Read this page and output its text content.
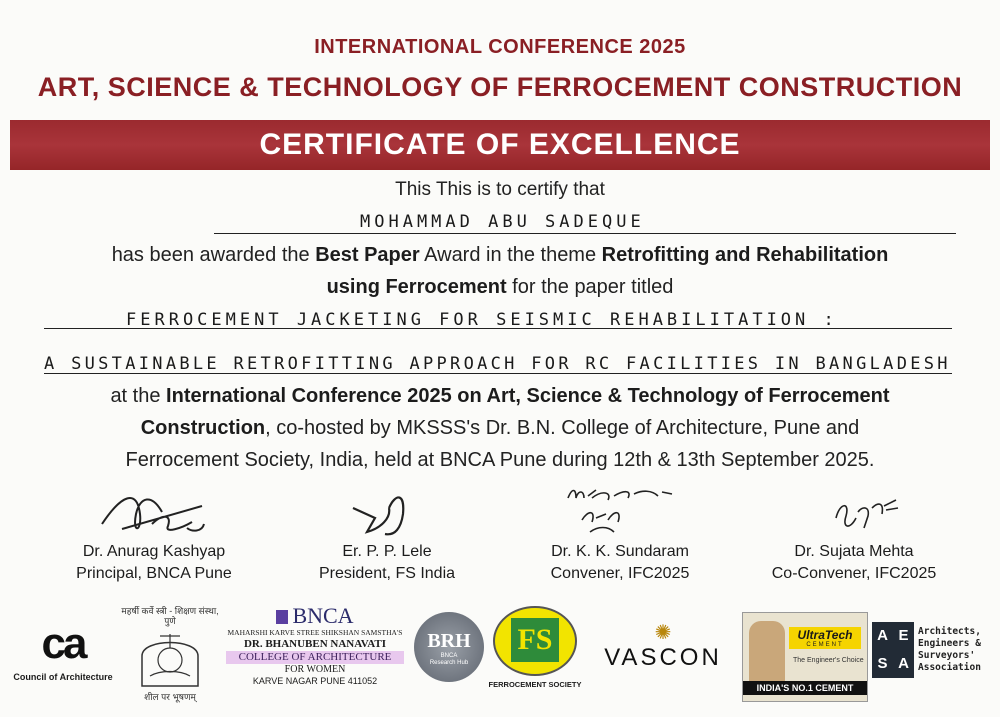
INTERNATIONAL CONFERENCE 2025
ART, SCIENCE & TECHNOLOGY OF FERROCEMENT CONSTRUCTION
CERTIFICATE OF EXCELLENCE
This This is to certify that
MOHAMMAD ABU SADEQUE
has been awarded the Best Paper Award in the theme Retrofitting and Rehabilitation
using Ferrocement for the paper titled
FERROCEMENT JACKETING FOR SEISMIC REHABILITATION :
A SUSTAINABLE RETROFITTING APPROACH FOR RC FACILITIES IN BANGLADESH
at the International Conference 2025 on Art, Science & Technology of Ferrocement
Construction, co-hosted by MKSSS's Dr. B.N. College of Architecture, Pune and
Ferrocement Society, India, held at BNCA Pune during 12th & 13th September 2025.
Dr. Anurag Kashyap
Principal, BNCA Pune
Er. P. P. Lele
President, FS India
Dr. K. K. Sundaram
Convener, IFC2025
Dr. Sujata Mehta
Co-Convener, IFC2025
ca
Council of Architecture
महर्षी कर्वे स्त्री - शिक्षण संस्था, पुणे
शील पर भूषणम्
BNCA
MAHARSHI KARVE STREE SHIKSHAN SAMSTHA'S
DR. BHANUBEN NANAVATI
COLLEGE OF ARCHITECTURE
FOR WOMEN
KARVE NAGAR PUNE 411052
BRH
BNCA Research Hub
FS
FERROCEMENT SOCIETY
✺
VASCON
UltraTech
CEMENT
The Engineer's Choice
INDIA'S NO.1 CEMENT
A E
S A
Architects,
Engineers &
Surveyors'
Association
